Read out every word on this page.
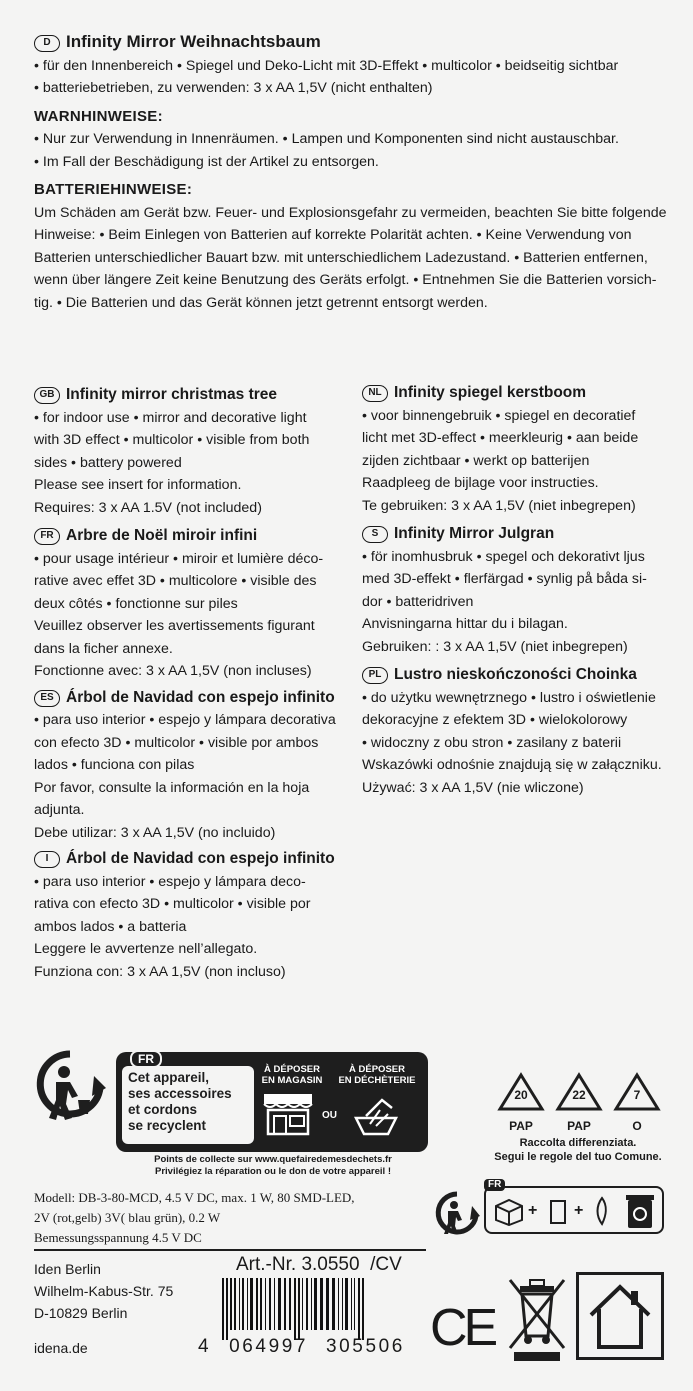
D Infinity Mirror Weihnachtsbaum
• für den Innenbereich • Spiegel und Deko-Licht mit 3D-Effekt • multicolor • beidseitig sichtbar
• batteriebetrieben, zu verwenden: 3 x AA 1,5V (nicht enthalten)
WARNHINWEISE:
• Nur zur Verwendung in Innenräumen. • Lampen und Komponenten sind nicht austauschbar.
• Im Fall der Beschädigung ist der Artikel zu entsorgen.
BATTERIEHINWEISE:
Um Schäden am Gerät bzw. Feuer- und Explosionsgefahr zu vermeiden, beachten Sie bitte folgende
Hinweise: • Beim Einlegen von Batterien auf korrekte Polarität achten. • Keine Verwendung von
Batterien unterschiedlicher Bauart bzw. mit unterschiedlichem Ladezustand. • Batterien entfernen,
wenn über längere Zeit keine Benutzung des Geräts erfolgt. • Entnehmen Sie die Batterien vorsich-
tig. • Die Batterien und das Gerät können jetzt getrennt entsorgt werden.
GB Infinity mirror christmas tree
• for indoor use • mirror and decorative light
with 3D effect • multicolor • visible from both
sides • battery powered
Please see insert for information.
Requires: 3 x AA 1.5V (not included)
FR Arbre de Noël miroir infini
• pour usage intérieur • miroir et lumière déco-
rative avec effet 3D • multicolore • visible des
deux côtés • fonctionne sur piles
Veuillez observer les avertissements figurant
dans la ficher annexe.
Fonctionne avec: 3 x AA 1,5V (non incluses)
ES Árbol de Navidad con espejo infinito
• para uso interior • espejo y lámpara decorativa
con efecto 3D • multicolor • visible por ambos
lados • funciona con pilas
Por favor, consulte la información en la hoja
adjunta.
Debe utilizar: 3 x AA 1,5V (no incluido)
I Árbol de Navidad con espejo infinito
• para uso interior • espejo y lámpara deco-
rativa con efecto 3D • multicolor • visible por
ambos lados • a batteria
Leggere le avvertenze nell’allegato.
Funziona con: 3 x AA 1,5V (non incluso)
NL Infinity spiegel kerstboom
• voor binnengebruik • spiegel en decoratief
licht met 3D-effect • meerkleurig • aan beide
zijden zichtbaar • werkt op batterijen
Raadpleeg de bijlage voor instructies.
Te gebruiken: 3 x AA 1,5V (niet inbegrepen)
S Infinity Mirror Julgran
• för inomhusbruk • spegel och dekorativt ljus
med 3D-effekt • flerfärgad • synlig på båda si-
dor • batteridriven
Anvisningarna hittar du i bilagan.
Gebruiken: : 3 x AA 1,5V (niet inbegrepen)
PL Lustro nieskończoności Choinka
• do użytku wewnętrznego • lustro i oświetlenie
dekoracyjne z efektem 3D • wielokolorowy
• widoczny z obu stron • zasilany z baterii
Wskazówki odnośnie znajdują się w załączniku.
Używać: 3 x AA 1,5V (nie wliczone)
FR
Cet appareil,
ses accessoires
et cordons
se recyclent
À DÉPOSER
EN MAGASIN
À DÉPOSER
EN DÉCHÈTERIE
OU
Points de collecte sur www.quefairedemesdechets.fr
Privilégiez la réparation ou le don de votre appareil !
20
PAP
22
PAP
7
O
Raccolta differenziata.
Segui le regole del tuo Comune.
FR
+ +
Modell: DB-3-80-MCD, 4.5 V DC, max. 1 W, 80 SMD-LED,
2V (rot,gelb) 3V( blau grün), 0.2 W
Bemessungsspannung 4.5 V DC
Art.-Nr. 3.0550  /CV
Iden Berlin
Wilhelm-Kabus-Str. 75
D-10829 Berlin
idena.de	4 064997 305506 CE
